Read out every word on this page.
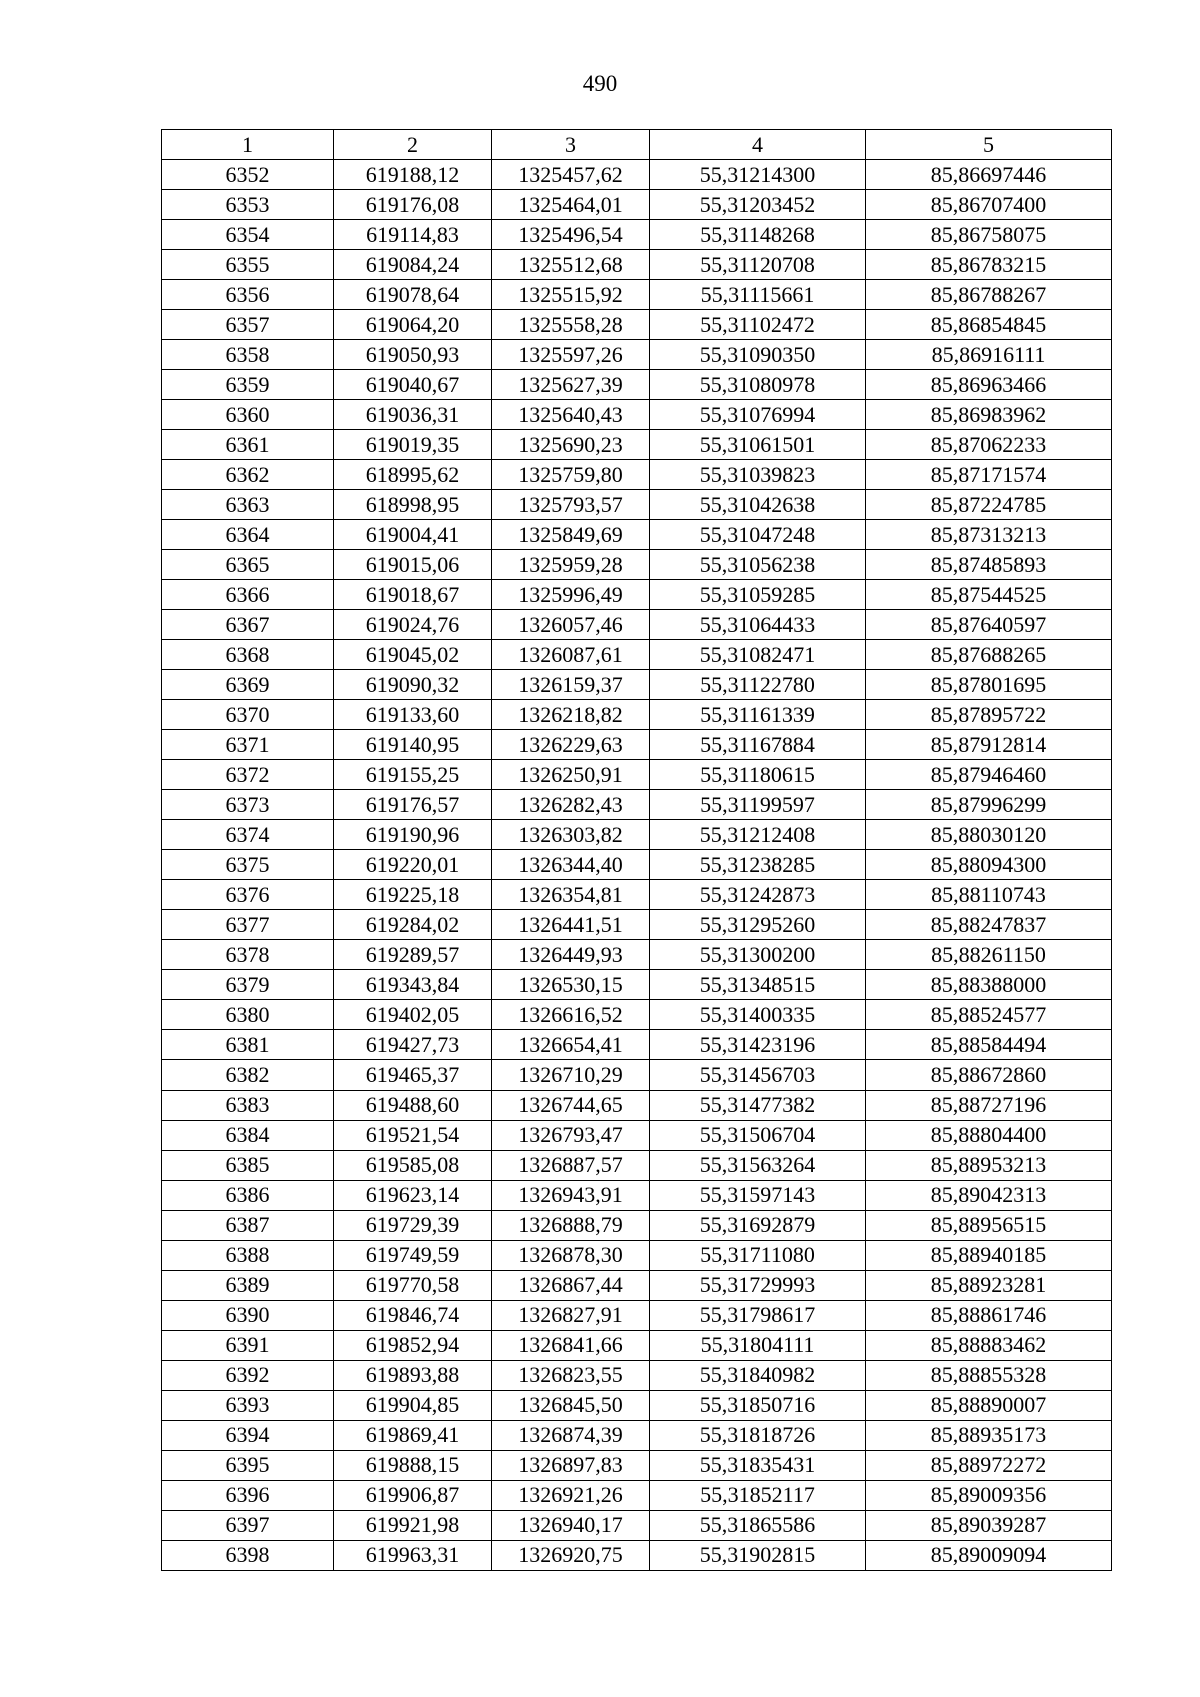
490
1	2	3	4	5
6352	619188,12	1325457,62	55,31214300	85,86697446
6353	619176,08	1325464,01	55,31203452	85,86707400
6354	619114,83	1325496,54	55,31148268	85,86758075
6355	619084,24	1325512,68	55,31120708	85,86783215
6356	619078,64	1325515,92	55,31115661	85,86788267
6357	619064,20	1325558,28	55,31102472	85,86854845
6358	619050,93	1325597,26	55,31090350	85,86916111
6359	619040,67	1325627,39	55,31080978	85,86963466
6360	619036,31	1325640,43	55,31076994	85,86983962
6361	619019,35	1325690,23	55,31061501	85,87062233
6362	618995,62	1325759,80	55,31039823	85,87171574
6363	618998,95	1325793,57	55,31042638	85,87224785
6364	619004,41	1325849,69	55,31047248	85,87313213
6365	619015,06	1325959,28	55,31056238	85,87485893
6366	619018,67	1325996,49	55,31059285	85,87544525
6367	619024,76	1326057,46	55,31064433	85,87640597
6368	619045,02	1326087,61	55,31082471	85,87688265
6369	619090,32	1326159,37	55,31122780	85,87801695
6370	619133,60	1326218,82	55,31161339	85,87895722
6371	619140,95	1326229,63	55,31167884	85,87912814
6372	619155,25	1326250,91	55,31180615	85,87946460
6373	619176,57	1326282,43	55,31199597	85,87996299
6374	619190,96	1326303,82	55,31212408	85,88030120
6375	619220,01	1326344,40	55,31238285	85,88094300
6376	619225,18	1326354,81	55,31242873	85,88110743
6377	619284,02	1326441,51	55,31295260	85,88247837
6378	619289,57	1326449,93	55,31300200	85,88261150
6379	619343,84	1326530,15	55,31348515	85,88388000
6380	619402,05	1326616,52	55,31400335	85,88524577
6381	619427,73	1326654,41	55,31423196	85,88584494
6382	619465,37	1326710,29	55,31456703	85,88672860
6383	619488,60	1326744,65	55,31477382	85,88727196
6384	619521,54	1326793,47	55,31506704	85,88804400
6385	619585,08	1326887,57	55,31563264	85,88953213
6386	619623,14	1326943,91	55,31597143	85,89042313
6387	619729,39	1326888,79	55,31692879	85,88956515
6388	619749,59	1326878,30	55,31711080	85,88940185
6389	619770,58	1326867,44	55,31729993	85,88923281
6390	619846,74	1326827,91	55,31798617	85,88861746
6391	619852,94	1326841,66	55,31804111	85,88883462
6392	619893,88	1326823,55	55,31840982	85,88855328
6393	619904,85	1326845,50	55,31850716	85,88890007
6394	619869,41	1326874,39	55,31818726	85,88935173
6395	619888,15	1326897,83	55,31835431	85,88972272
6396	619906,87	1326921,26	55,31852117	85,89009356
6397	619921,98	1326940,17	55,31865586	85,89039287
6398	619963,31	1326920,75	55,31902815	85,89009094
